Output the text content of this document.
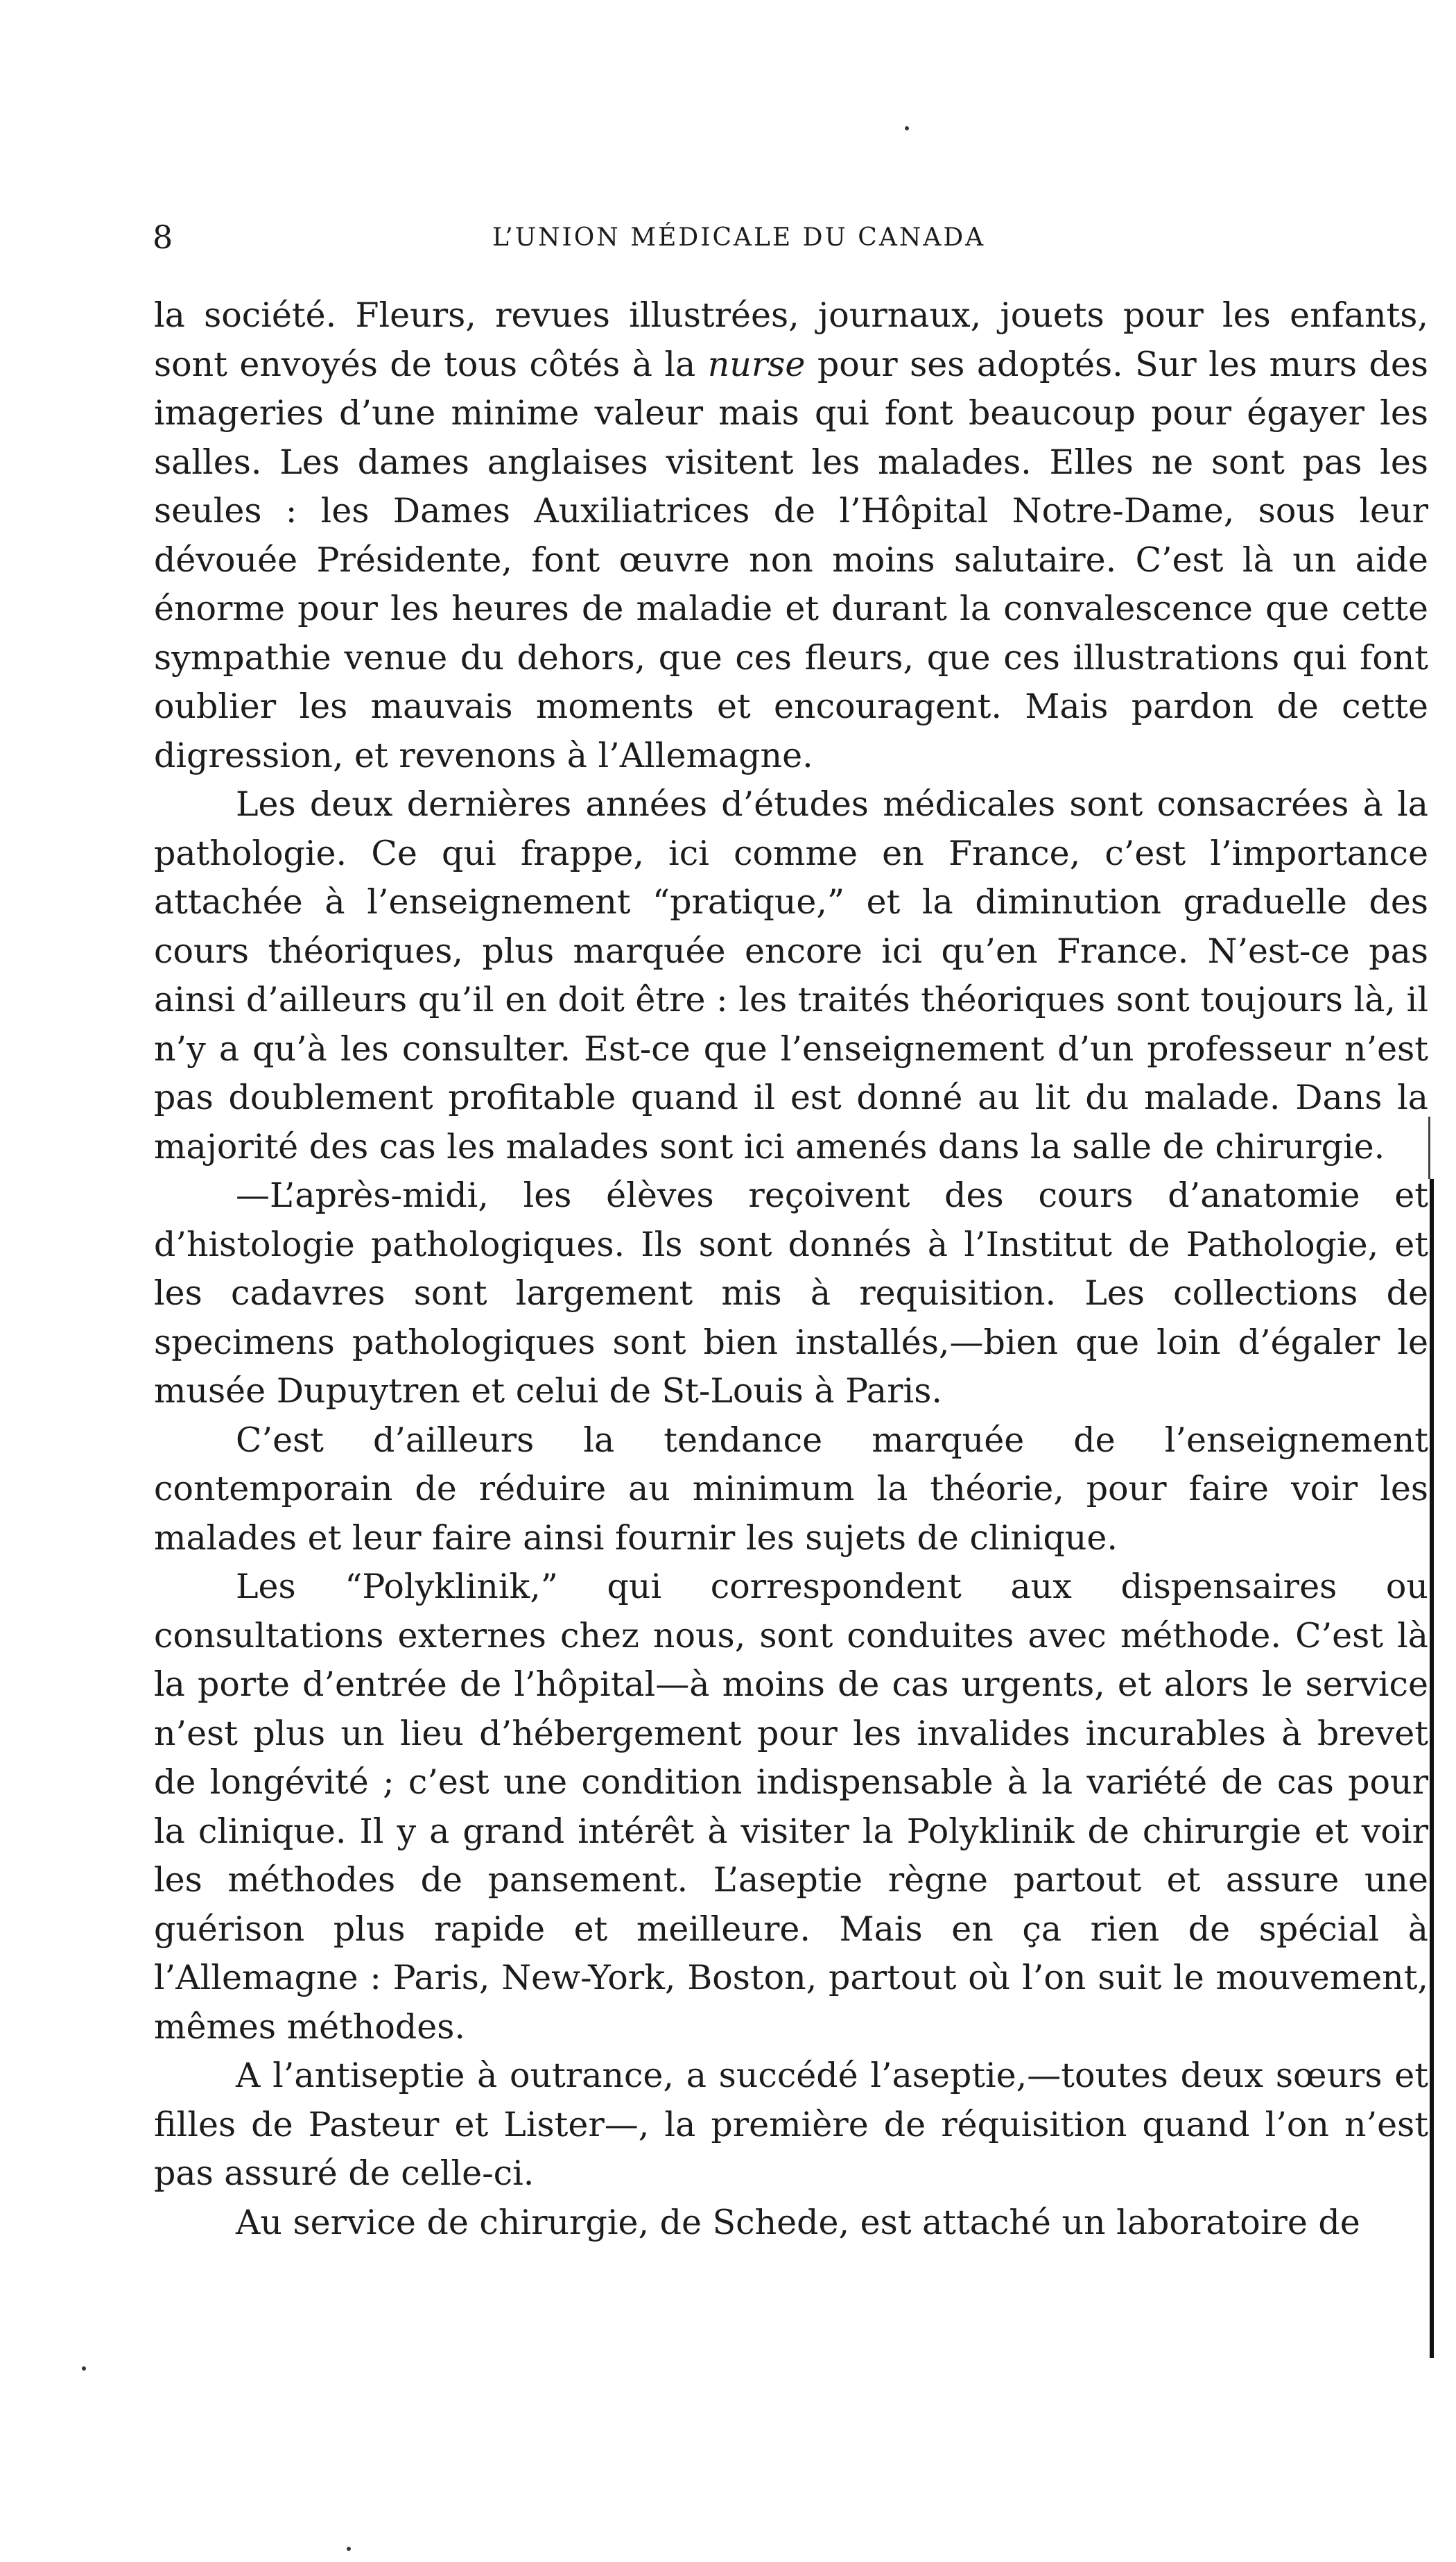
8	L’UNION MÉDICALE DU CANADA

la société. Fleurs, revues illustrées, journaux, jouets pour les enfants, sont envoyés de tous côtés à la nurse pour ses adoptés. Sur les murs des imageries d’une minime valeur mais qui font beaucoup pour égayer les salles. Les dames anglaises visitent les malades. Elles ne sont pas les seules : les Dames Auxiliatrices de l’Hôpital Notre-Dame, sous leur dévouée Présidente, font œuvre non moins salutaire. C’est là un aide énorme pour les heures de maladie et durant la convalescence que cette sympathie venue du dehors, que ces fleurs, que ces illustrations qui font oublier les mauvais moments et encouragent. Mais pardon de cette digression, et revenons à l’Allemagne.

Les deux dernières années d’études médicales sont consacrées à la pathologie. Ce qui frappe, ici comme en France, c’est l’importance attachée à l’enseignement “pratique,” et la diminution graduelle des cours théoriques, plus marquée encore ici qu’en France. N’est-ce pas ainsi d’ailleurs qu’il en doit être : les traités théoriques sont toujours là, il n’y a qu’à les consulter. Est-ce que l’enseignement d’un professeur n’est pas doublement profitable quand il est donné au lit du malade. Dans la majorité des cas les malades sont ici amenés dans la salle de chirurgie.

—L’après-midi, les élèves reçoivent des cours d’anatomie et d’histologie pathologiques. Ils sont donnés à l’Institut de Pathologie, et les cadavres sont largement mis à requisition. Les collections de specimens pathologiques sont bien installés,—bien que loin d’égaler le musée Dupuytren et celui de St-Louis à Paris.

C’est d’ailleurs la tendance marquée de l’enseignement contemporain de réduire au minimum la théorie, pour faire voir les malades et leur faire ainsi fournir les sujets de clinique.

Les “Polyklinik,” qui correspondent aux dispensaires ou consultations externes chez nous, sont conduites avec méthode. C’est là la porte d’entrée de l’hôpital—à moins de cas urgents, et alors le service n’est plus un lieu d’hébergement pour les invalides incurables à brevet de longévité ; c’est une condition indispensable à la variété de cas pour la clinique. Il y a grand intérêt à visiter la Polyklinik de chirurgie et voir les méthodes de pansement. L’aseptie règne partout et assure une guérison plus rapide et meilleure. Mais en ça rien de spécial à l’Allemagne : Paris, New-York, Boston, partout où l’on suit le mouvement, mêmes méthodes.

A l’antiseptie à outrance, a succédé l’aseptie,—toutes deux sœurs et filles de Pasteur et Lister—, la première de réquisition quand l’on n’est pas assuré de celle-ci.

Au service de chirurgie, de Schede, est attaché un laboratoire de
